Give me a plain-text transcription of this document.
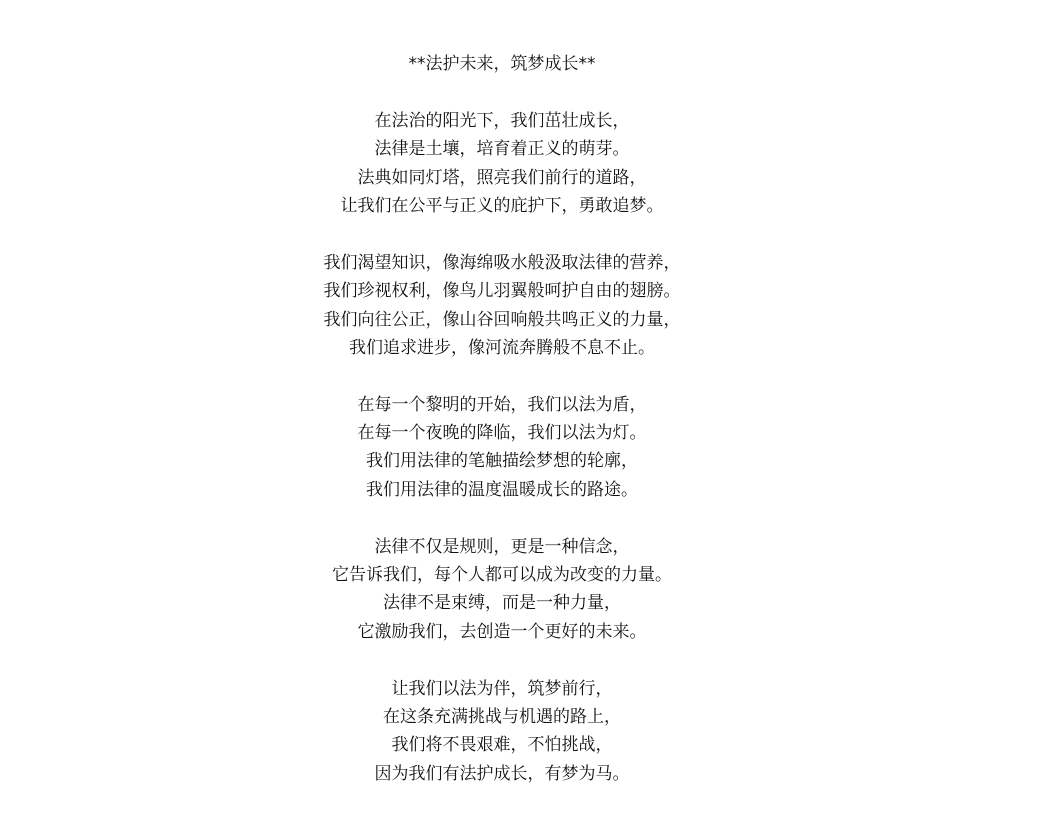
**法护未来，筑梦成长**
在法治的阳光下，我们茁壮成长，
法律是土壤，培育着正义的萌芽。
法典如同灯塔，照亮我们前行的道路，
让我们在公平与正义的庇护下，勇敢追梦。
我们渴望知识，像海绵吸水般汲取法律的营养，
我们珍视权利，像鸟儿羽翼般呵护自由的翅膀。
我们向往公正，像山谷回响般共鸣正义的力量，
我们追求进步，像河流奔腾般不息不止。
在每一个黎明的开始，我们以法为盾，
在每一个夜晚的降临，我们以法为灯。
我们用法律的笔触描绘梦想的轮廓，
我们用法律的温度温暖成长的路途。
法律不仅是规则，更是一种信念，
它告诉我们，每个人都可以成为改变的力量。
法律不是束缚，而是一种力量，
它激励我们，去创造一个更好的未来。
让我们以法为伴，筑梦前行，
在这条充满挑战与机遇的路上，
我们将不畏艰难，不怕挑战，
因为我们有法护成长，有梦为马。
